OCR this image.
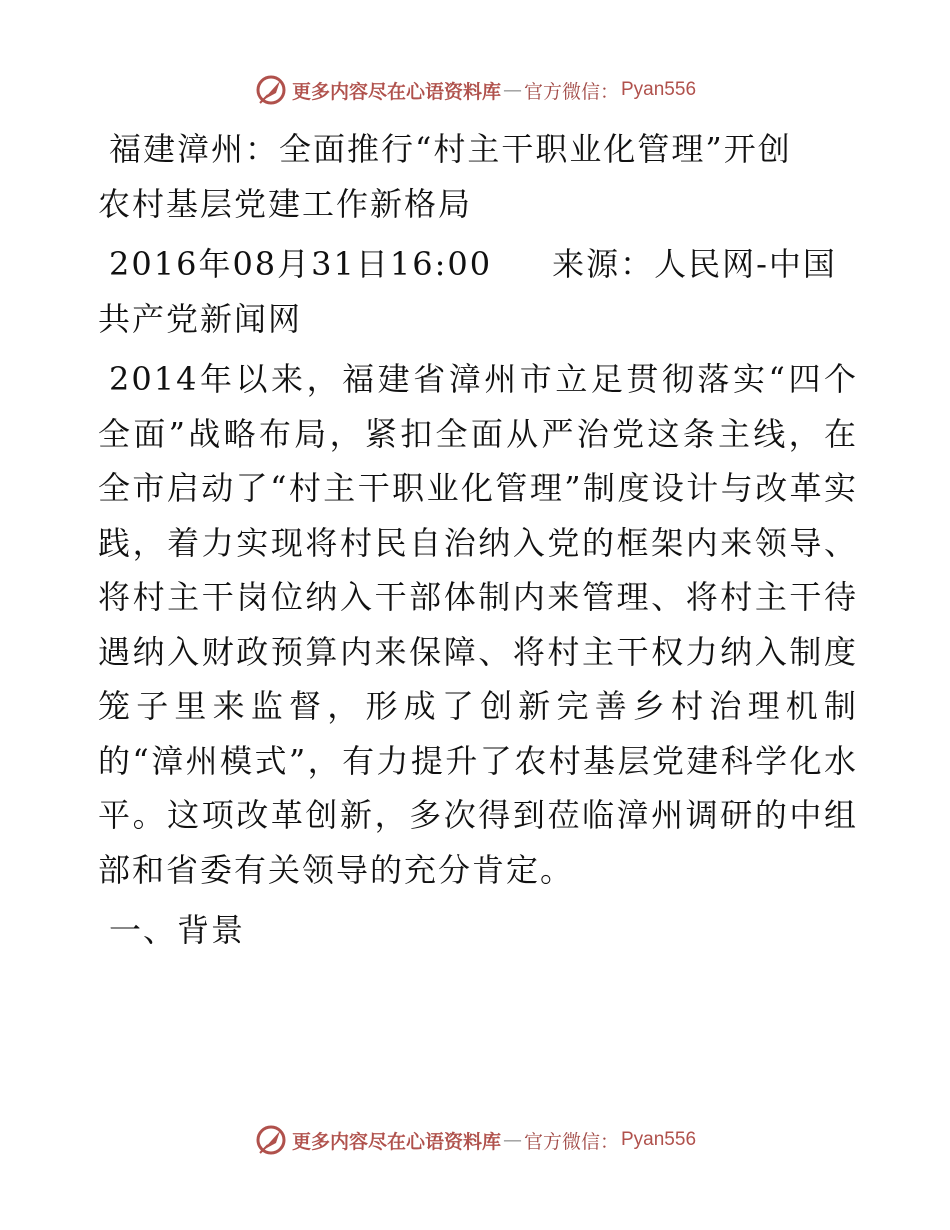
更多内容尽在心语资料库 — 官方微信： Pyan556

福建漳州：全面推行“村主干职业化管理”开创
农村基层党建工作新格局

2016年08月31日16:00 来源：人民网-中国
共产党新闻网

2014年以来，福建省漳州市立足贯彻落实“四个全面”战略布局，紧扣全面从严治党这条主线，在全市启动了“村主干职业化管理”制度设计与改革实践，着力实现将村民自治纳入党的框架内来领导、将村主干岗位纳入干部体制内来管理、将村主干待遇纳入财政预算内来保障、将村主干权力纳入制度笼子里来监督，形成了创新完善乡村治理机制的“漳州模式”，有力提升了农村基层党建科学化水平。这项改革创新，多次得到莅临漳州调研的中组部和省委有关领导的充分肯定。

一、背景

更多内容尽在心语资料库 — 官方微信： Pyan556
